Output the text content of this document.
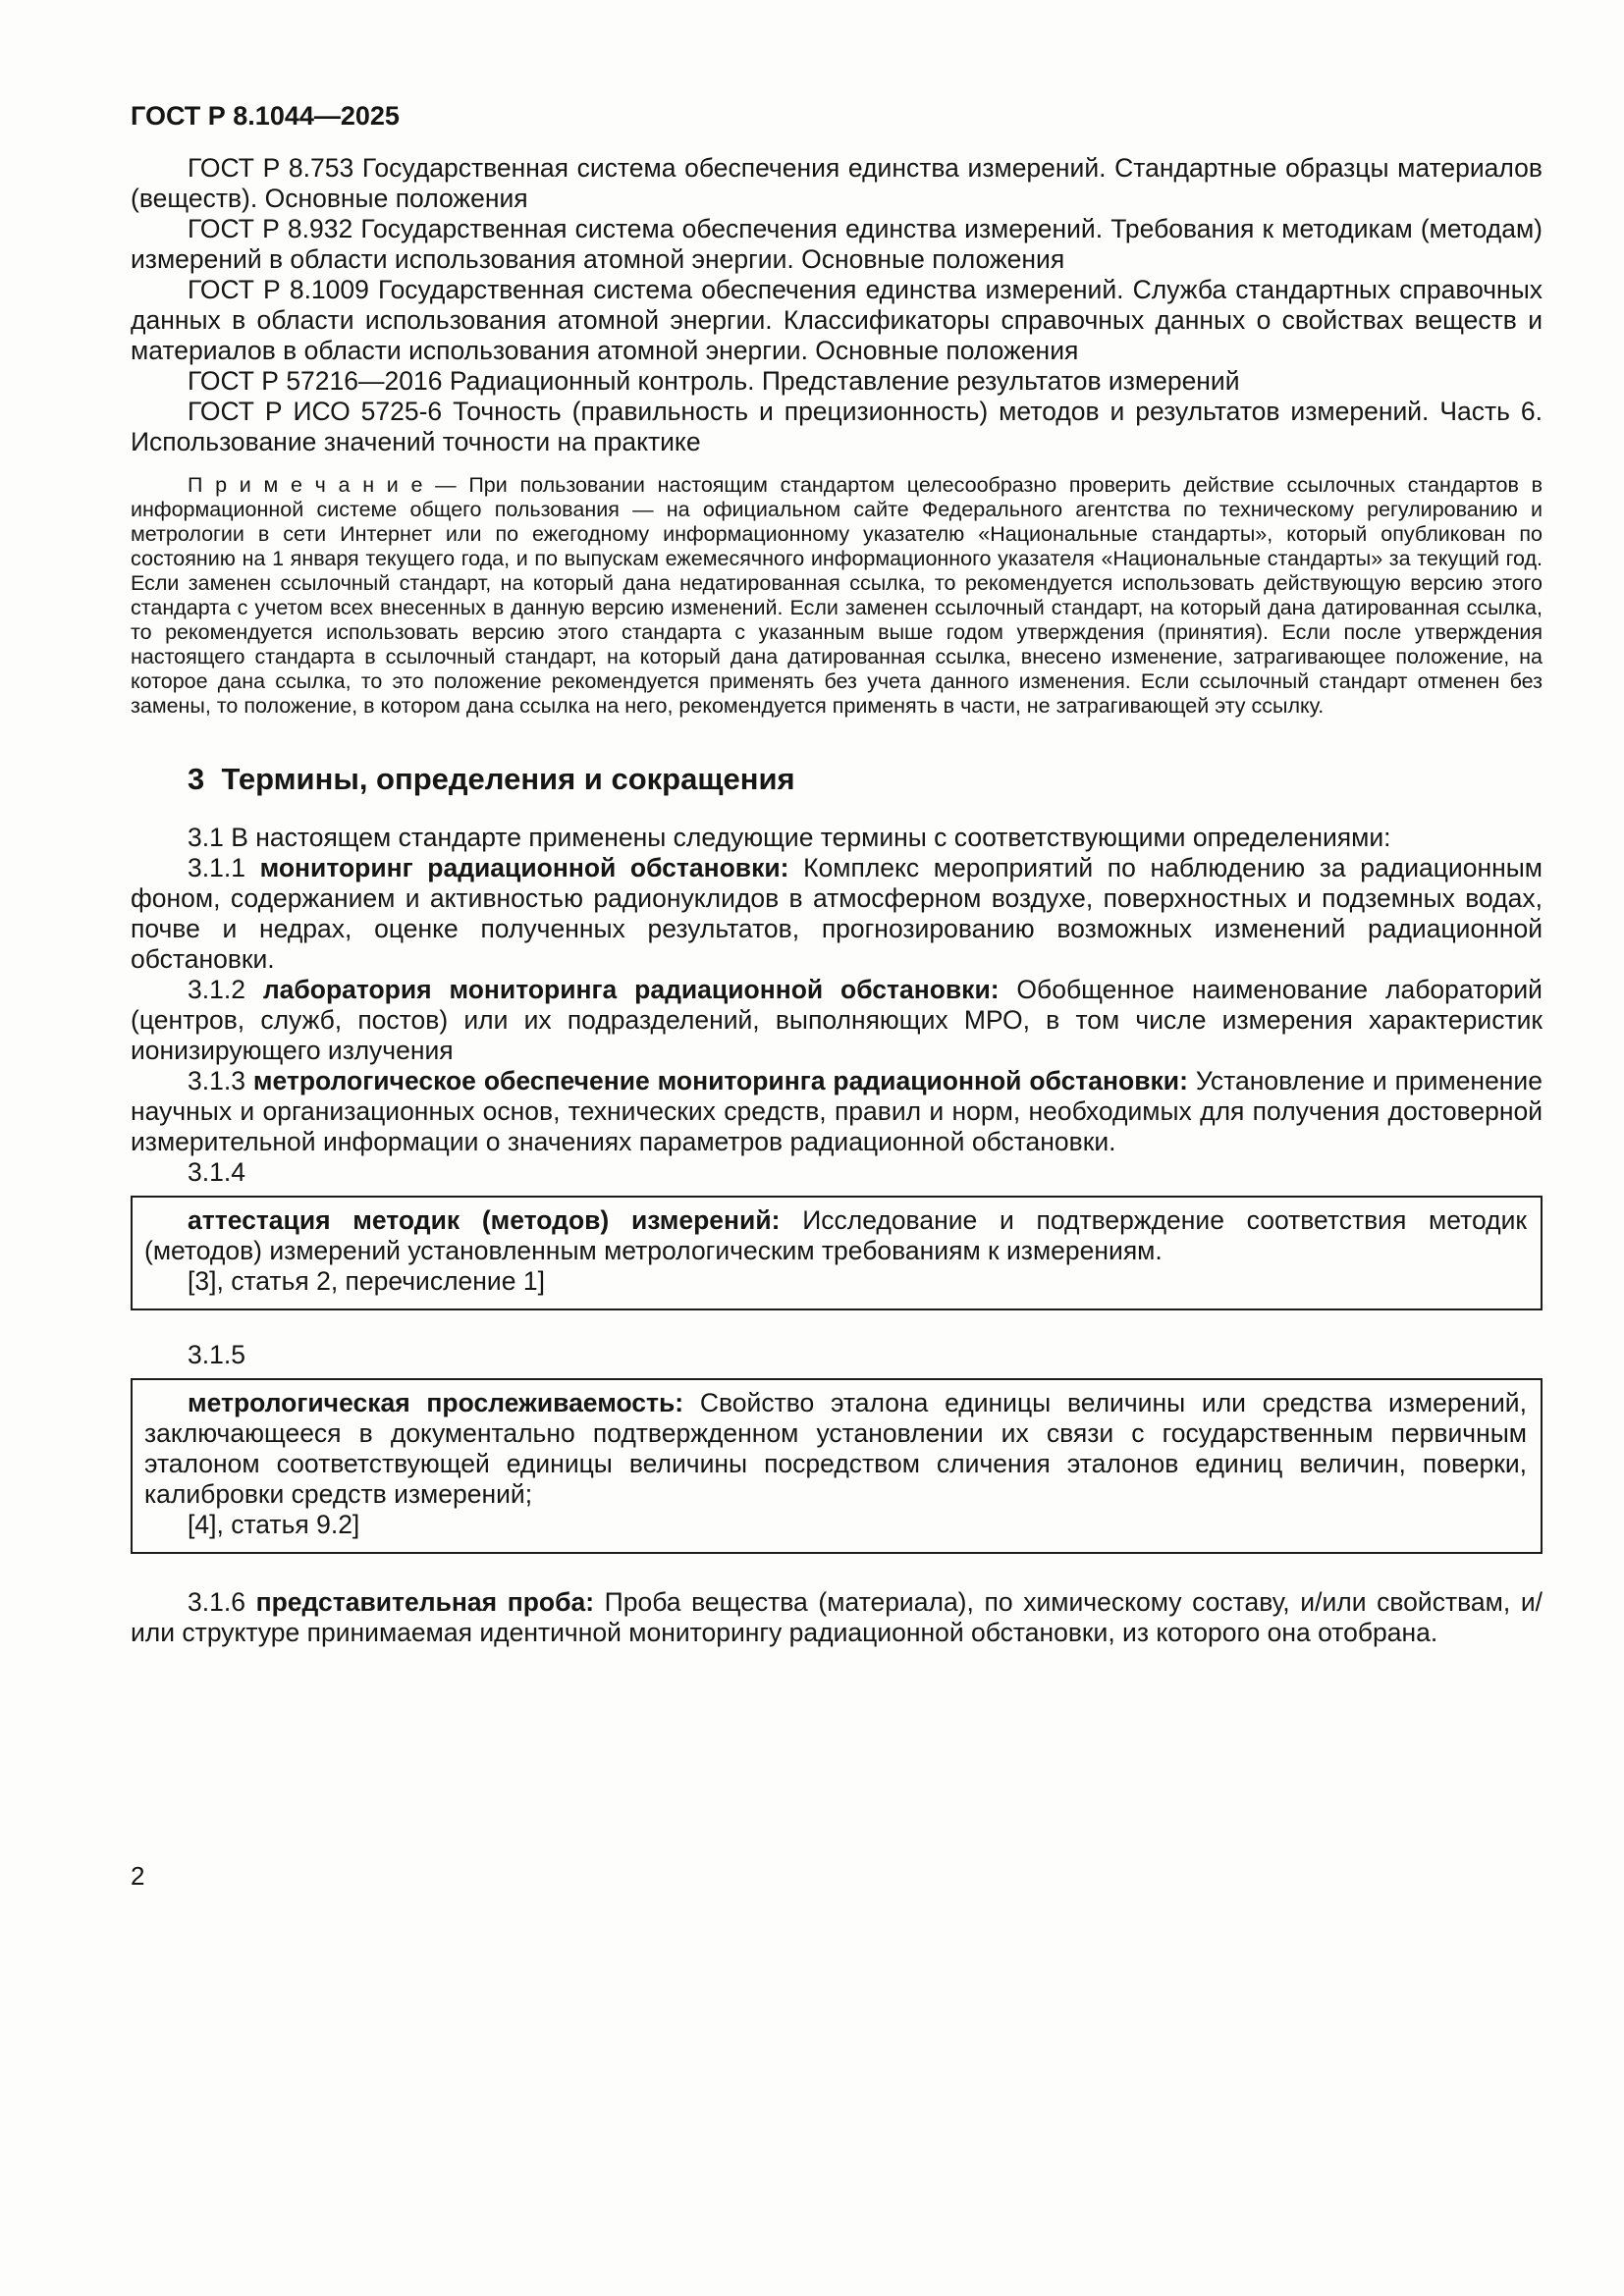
ГОСТ Р 8.1044—2025

ГОСТ Р 8.753 Государственная система обеспечения единства измерений. Стандартные образцы материалов (веществ). Основные положения

ГОСТ Р 8.932 Государственная система обеспечения единства измерений. Требования к методикам (методам) измерений в области использования атомной энергии. Основные положения

ГОСТ Р 8.1009 Государственная система обеспечения единства измерений. Служба стандартных справочных данных в области использования атомной энергии. Классификаторы справочных данных о свойствах веществ и материалов в области использования атомной энергии. Основные положения

ГОСТ Р 57216—2016 Радиационный контроль. Представление результатов измерений

ГОСТ Р ИСО 5725-6 Точность (правильность и прецизионность) методов и результатов измерений. Часть 6. Использование значений точности на практике

П р и м е ч а н и е — При пользовании настоящим стандартом целесообразно проверить действие ссылочных стандартов в информационной системе общего пользования — на официальном сайте Федерального агентства по техническому регулированию и метрологии в сети Интернет или по ежегодному информационному указателю «Национальные стандарты», который опубликован по состоянию на 1 января текущего года, и по выпускам ежемесячного информационного указателя «Национальные стандарты» за текущий год. Если заменен ссылочный стандарт, на который дана недатированная ссылка, то рекомендуется использовать действующую версию этого стандарта с учетом всех внесенных в данную версию изменений. Если заменен ссылочный стандарт, на который дана датированная ссылка, то рекомендуется использовать версию этого стандарта с указанным выше годом утверждения (принятия). Если после утверждения настоящего стандарта в ссылочный стандарт, на который дана датированная ссылка, внесено изменение, затрагивающее положение, на которое дана ссылка, то это положение рекомендуется применять без учета данного изменения. Если ссылочный стандарт отменен без замены, то положение, в котором дана ссылка на него, рекомендуется применять в части, не затрагивающей эту ссылку.

3  Термины, определения и сокращения

3.1 В настоящем стандарте применены следующие термины с соответствующими определениями:

3.1.1 мониторинг радиационной обстановки: Комплекс мероприятий по наблюдению за радиационным фоном, содержанием и активностью радионуклидов в атмосферном воздухе, поверхностных и подземных водах, почве и недрах, оценке полученных результатов, прогнозированию возможных изменений радиационной обстановки.

3.1.2 лаборатория мониторинга радиационной обстановки: Обобщенное наименование лабораторий (центров, служб, постов) или их подразделений, выполняющих МРО, в том числе измерения характеристик ионизирующего излучения

3.1.3 метрологическое обеспечение мониторинга радиационной обстановки: Установление и применение научных и организационных основ, технических средств, правил и норм, необходимых для получения достоверной измерительной информации о значениях параметров радиационной обстановки.

3.1.4

аттестация методик (методов) измерений: Исследование и подтверждение соответствия методик (методов) измерений установленным метрологическим требованиям к измерениям.

[3], статья 2, перечисление 1]

3.1.5

метрологическая прослеживаемость: Свойство эталона единицы величины или средства измерений, заключающееся в документально подтвержденном установлении их связи с государственным первичным эталоном соответствующей единицы величины посредством сличения эталонов единиц величин, поверки, калибровки средств измерений;

[4], статья 9.2]

3.1.6 представительная проба: Проба вещества (материала), по химическому составу, и/или свойствам, и/или структуре принимаемая идентичной мониторингу радиационной обстановки, из которого она отобрана.

2
